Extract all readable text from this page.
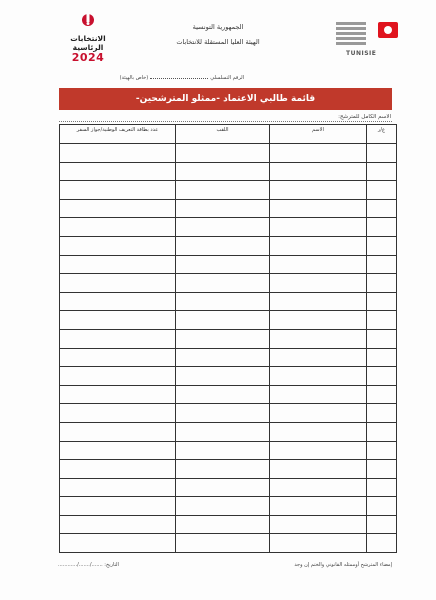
الانتخابات
الرئاسية
2024
الجمهورية التونسية
الهيئة العليا المستقلة للانتخابات
TUNISIE
الرقم التسلسلي(خاص بالهيئة)
قائمة طالبي الاعتماد -ممثلو المترشحين-
الاسم الكامل للمترشح:
عدد بطاقة التعريف الوطنية/جواز السفر	اللقب	الاسم	ع/ر

التاريخ: ......./......./............	إمضاء المترشح أوممثله القانوني والختم إن وجد
